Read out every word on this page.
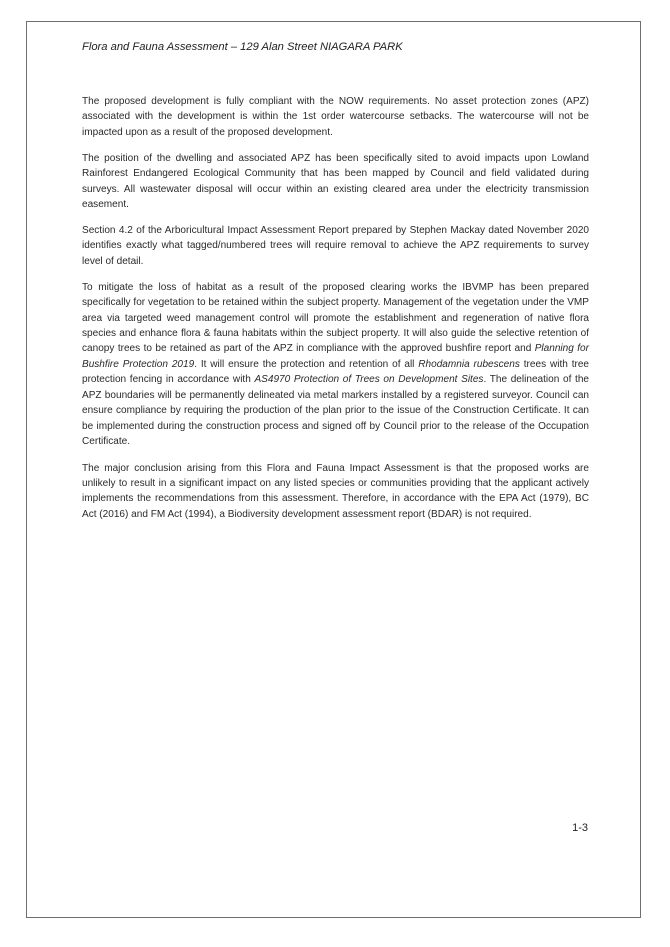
Flora and Fauna Assessment – 129 Alan Street NIAGARA PARK

The proposed development is fully compliant with the NOW requirements. No asset protection zones (APZ) associated with the development is within the 1st order watercourse setbacks. The watercourse will not be impacted upon as a result of the proposed development.

The position of the dwelling and associated APZ has been specifically sited to avoid impacts upon Lowland Rainforest Endangered Ecological Community that has been mapped by Council and field validated during surveys. All wastewater disposal will occur within an existing cleared area under the electricity transmission easement.

Section 4.2 of the Arboricultural Impact Assessment Report prepared by Stephen Mackay dated November 2020 identifies exactly what tagged/numbered trees will require removal to achieve the APZ requirements to survey level of detail.

To mitigate the loss of habitat as a result of the proposed clearing works the IBVMP has been prepared specifically for vegetation to be retained within the subject property. Management of the vegetation under the VMP area via targeted weed management control will promote the establishment and regeneration of native flora species and enhance flora & fauna habitats within the subject property. It will also guide the selective retention of canopy trees to be retained as part of the APZ in compliance with the approved bushfire report and Planning for Bushfire Protection 2019. It will ensure the protection and retention of all Rhodamnia rubescens trees with tree protection fencing in accordance with AS4970 Protection of Trees on Development Sites. The delineation of the APZ boundaries will be permanently delineated via metal markers installed by a registered surveyor. Council can ensure compliance by requiring the production of the plan prior to the issue of the Construction Certificate. It can be implemented during the construction process and signed off by Council prior to the release of the Occupation Certificate.

The major conclusion arising from this Flora and Fauna Impact Assessment is that the proposed works are unlikely to result in a significant impact on any listed species or communities providing that the applicant actively implements the recommendations from this assessment. Therefore, in accordance with the EPA Act (1979), BC Act (2016) and FM Act (1994), a Biodiversity development assessment report (BDAR) is not required.

1-3
